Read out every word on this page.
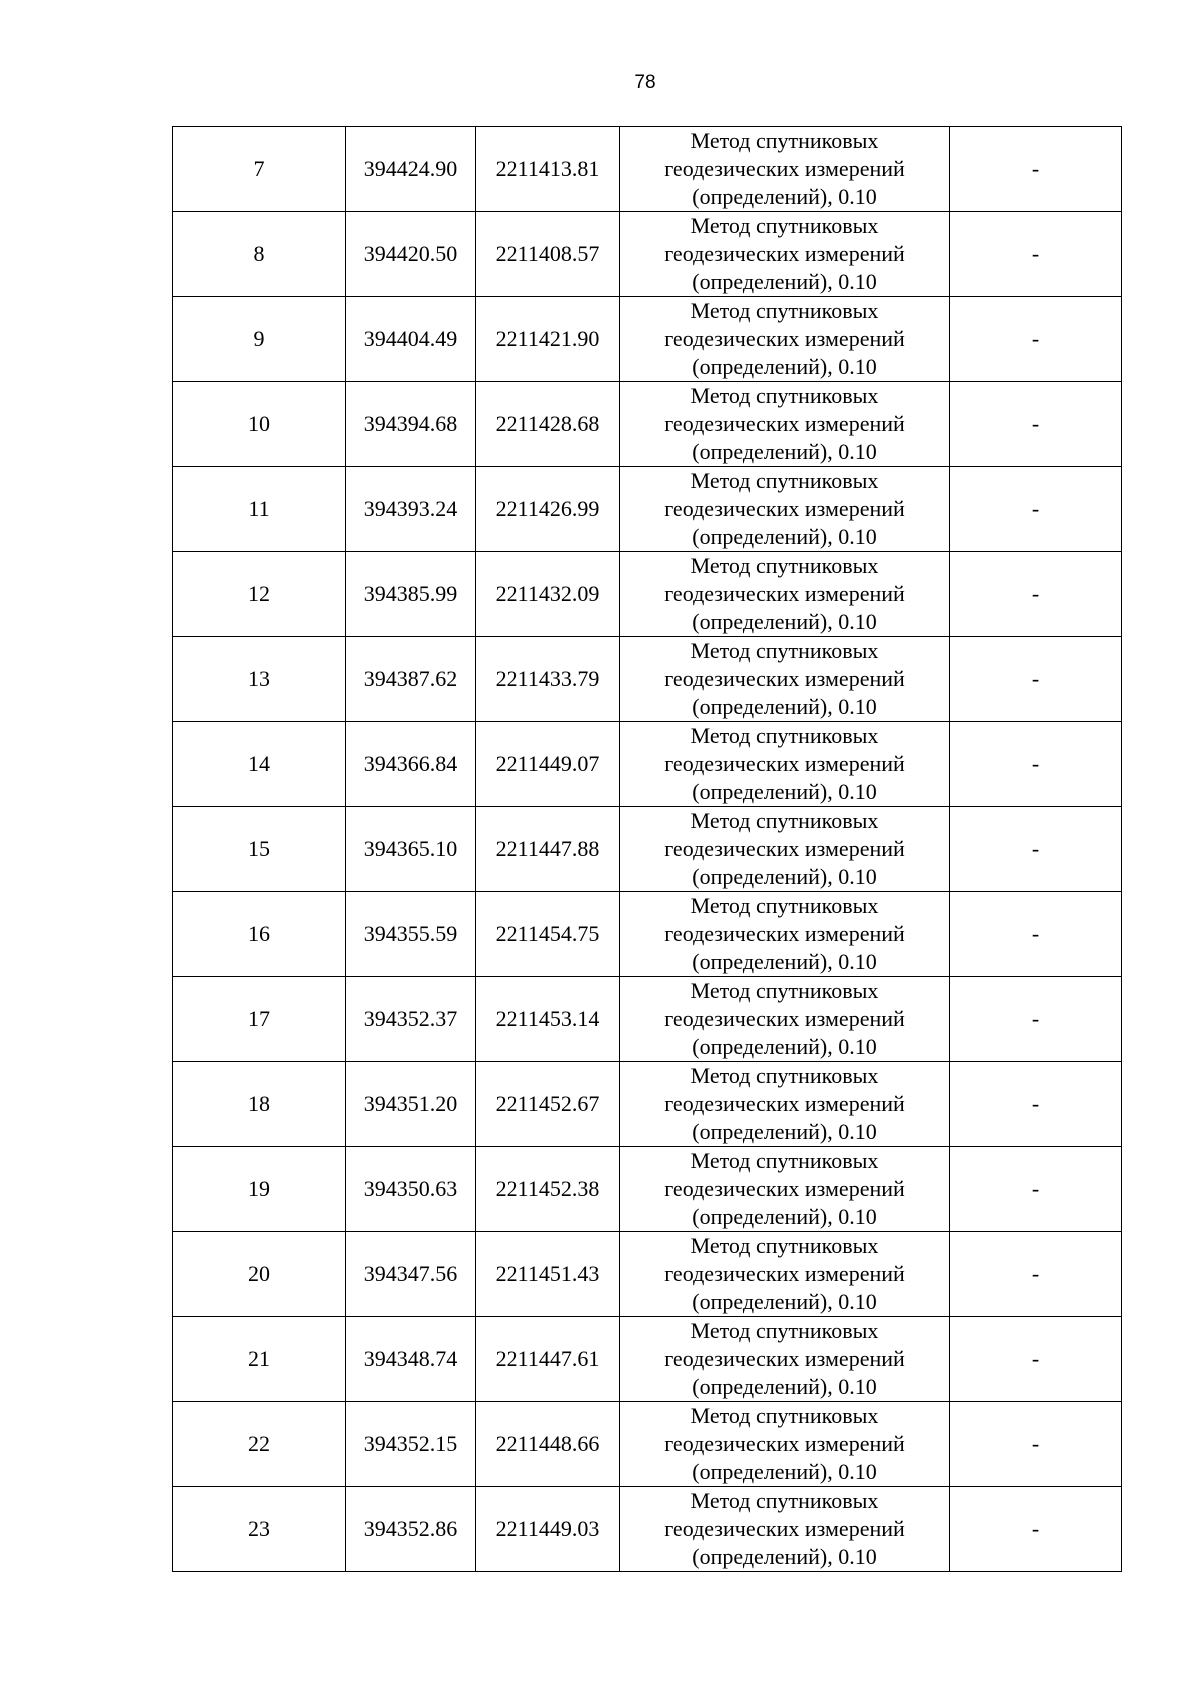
78
7	394424.90	2211413.81	Метод спутниковых
геодезических измерений
(определений), 0.10	-
8	394420.50	2211408.57	Метод спутниковых
геодезических измерений
(определений), 0.10	-
9	394404.49	2211421.90	Метод спутниковых
геодезических измерений
(определений), 0.10	-
10	394394.68	2211428.68	Метод спутниковых
геодезических измерений
(определений), 0.10	-
11	394393.24	2211426.99	Метод спутниковых
геодезических измерений
(определений), 0.10	-
12	394385.99	2211432.09	Метод спутниковых
геодезических измерений
(определений), 0.10	-
13	394387.62	2211433.79	Метод спутниковых
геодезических измерений
(определений), 0.10	-
14	394366.84	2211449.07	Метод спутниковых
геодезических измерений
(определений), 0.10	-
15	394365.10	2211447.88	Метод спутниковых
геодезических измерений
(определений), 0.10	-
16	394355.59	2211454.75	Метод спутниковых
геодезических измерений
(определений), 0.10	-
17	394352.37	2211453.14	Метод спутниковых
геодезических измерений
(определений), 0.10	-
18	394351.20	2211452.67	Метод спутниковых
геодезических измерений
(определений), 0.10	-
19	394350.63	2211452.38	Метод спутниковых
геодезических измерений
(определений), 0.10	-
20	394347.56	2211451.43	Метод спутниковых
геодезических измерений
(определений), 0.10	-
21	394348.74	2211447.61	Метод спутниковых
геодезических измерений
(определений), 0.10	-
22	394352.15	2211448.66	Метод спутниковых
геодезических измерений
(определений), 0.10	-
23	394352.86	2211449.03	Метод спутниковых
геодезических измерений
(определений), 0.10	-
